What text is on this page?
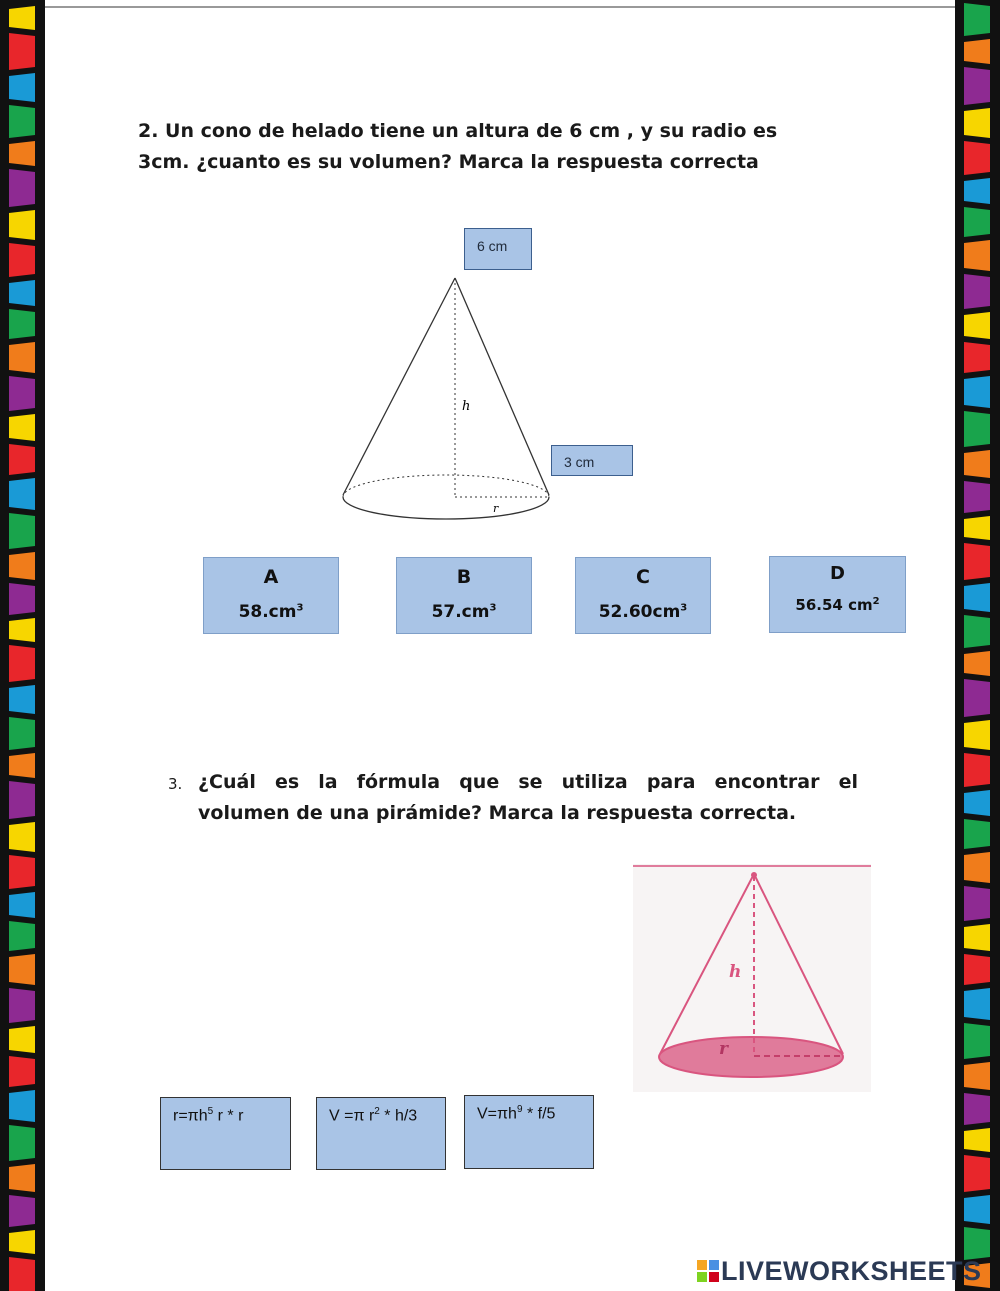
2. Un cono de helado tiene un altura de 6 cm , y su radio es
3cm. ¿cuanto es su volumen? Marca la respuesta correcta
h
r
6 cm
3 cm
A
$58.cm^3$
B
$57.cm^3$
C
$52.60cm^3$
D
56.54 $cm^2$
3. ¿Cuál es la fórmula que se utiliza para encontrar el
volumen de una pirámide? Marca la respuesta correcta.
h
r
$r=\pi h^5$ r * r	V =π $r^2 * h/3$	$V=\pi h^9 * f/5$
LIVEWORKSHEETS
